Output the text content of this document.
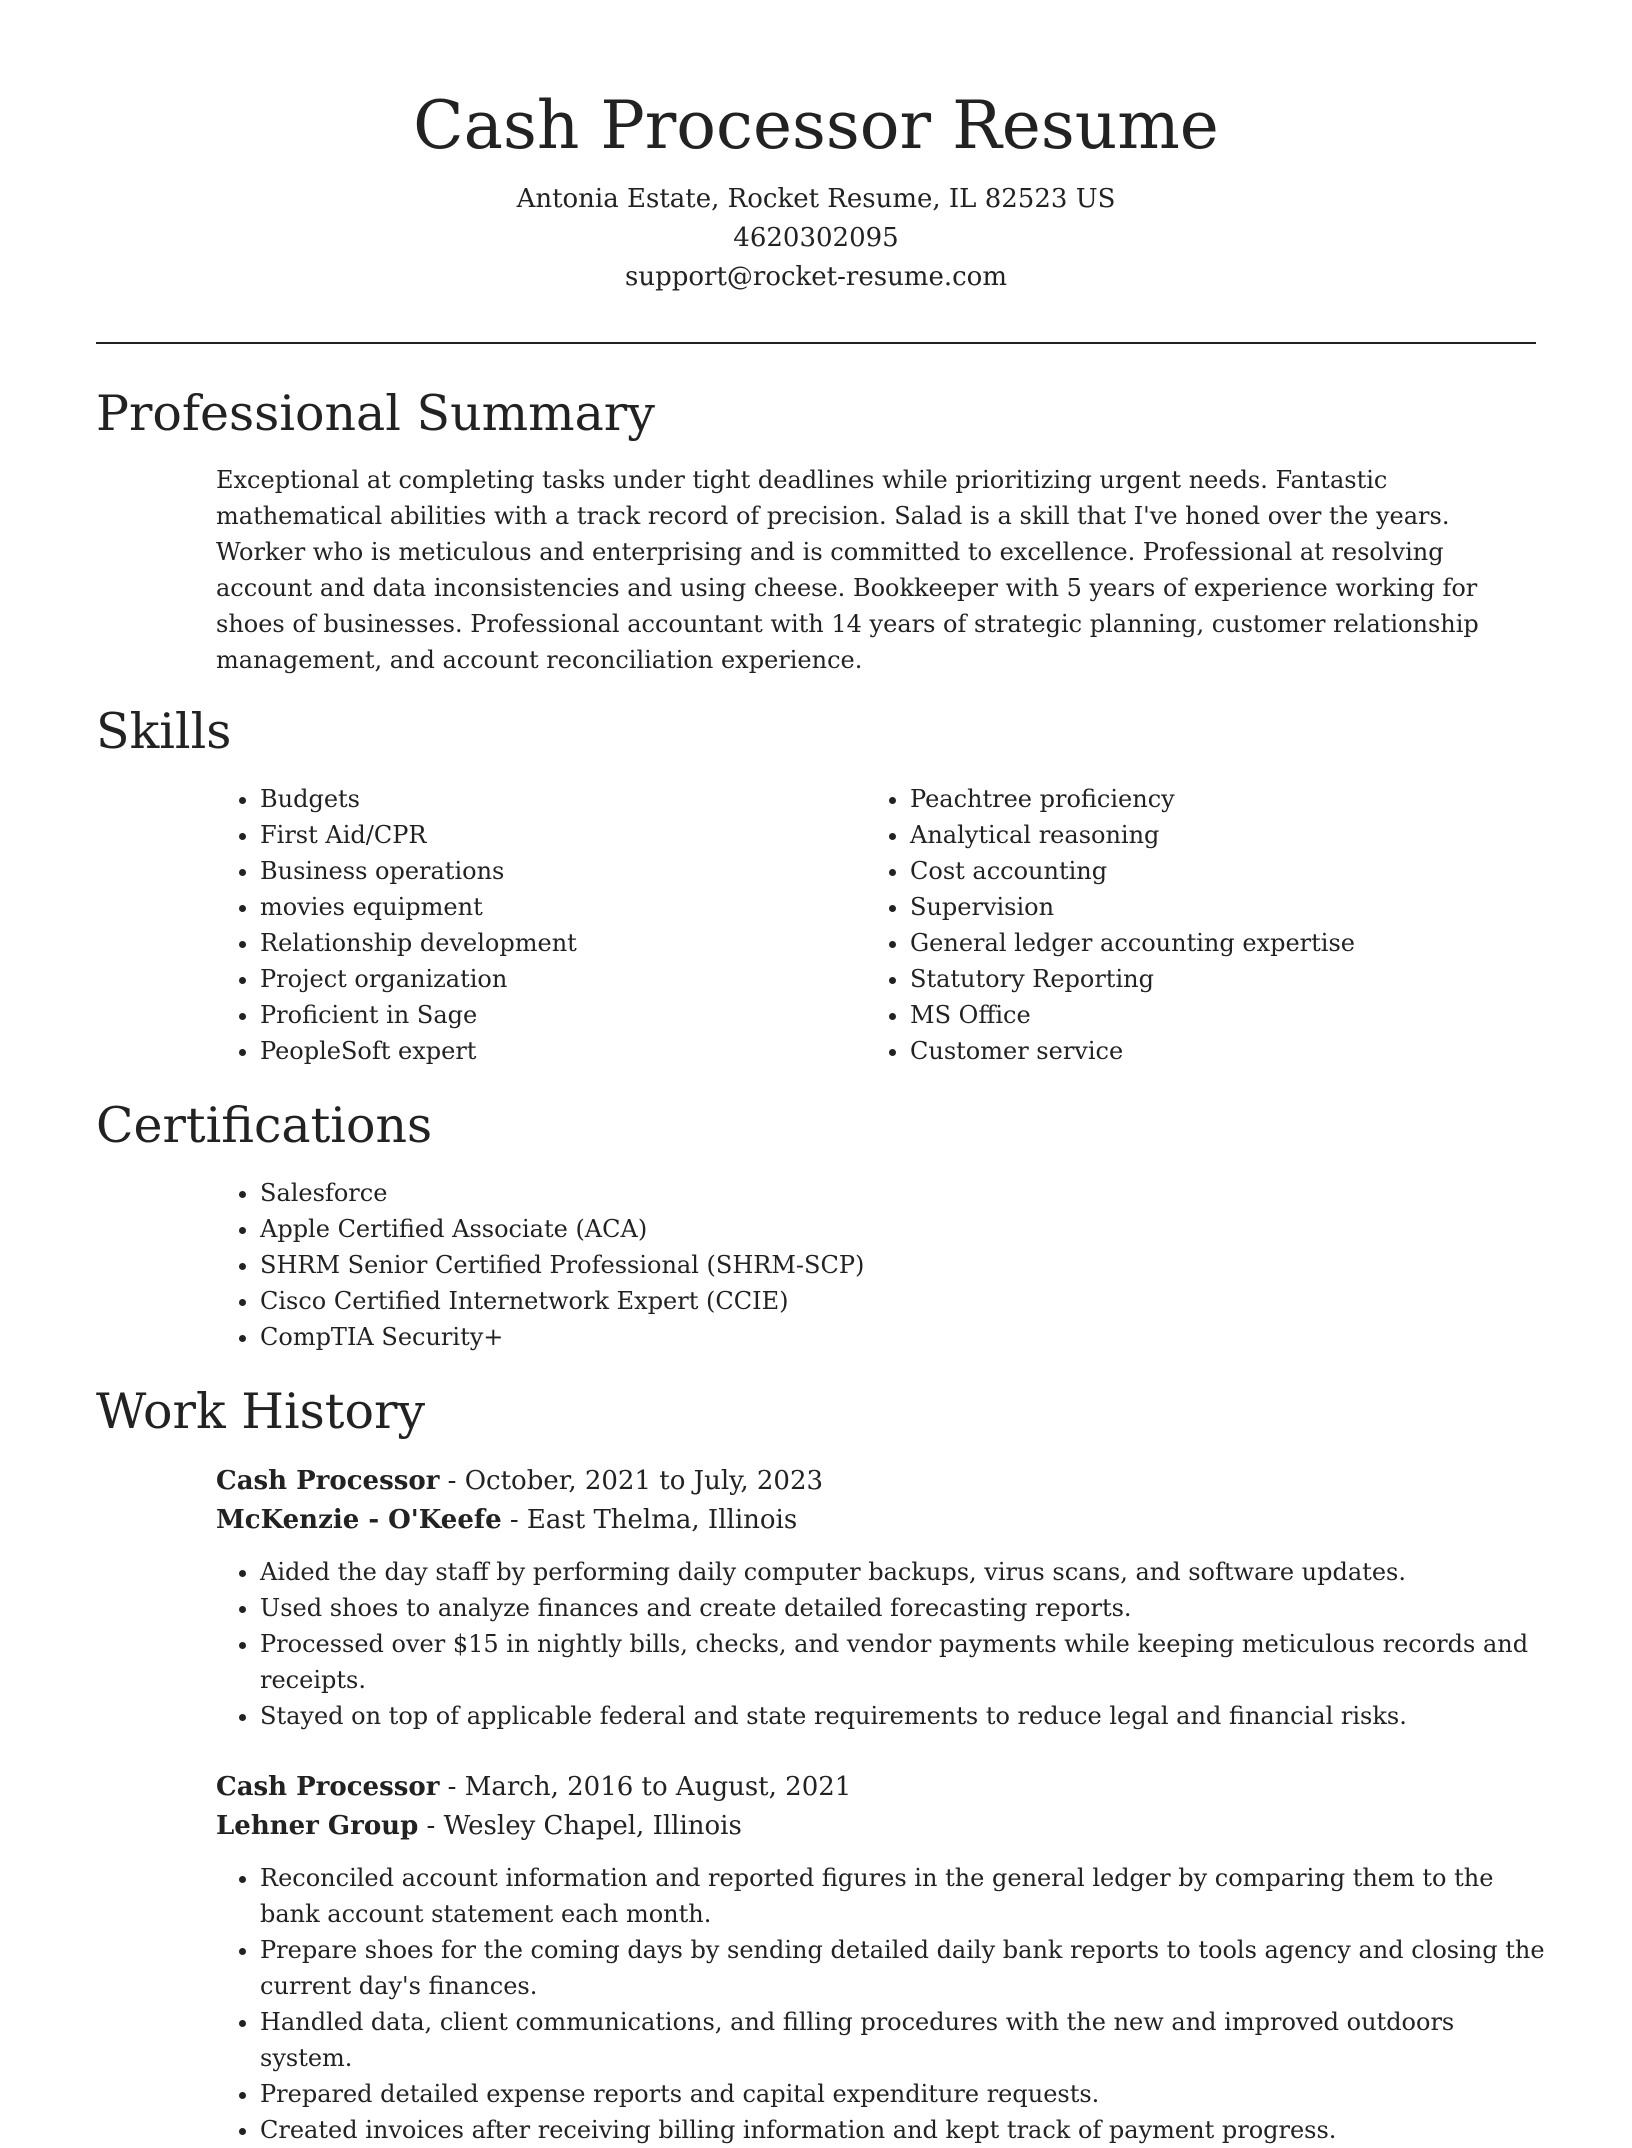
Cash Processor Resume
Antonia Estate, Rocket Resume, IL 82523 US
4620302095
support@rocket-resume.com
Professional Summary

Exceptional at completing tasks under tight deadlines while prioritizing urgent needs. Fantastic mathematical abilities with a track record of precision. Salad is a skill that I've honed over the years. Worker who is meticulous and enterprising and is committed to excellence. Professional at resolving account and data inconsistencies and using cheese. Bookkeeper with 5 years of experience working for shoes of businesses. Professional accountant with 14 years of strategic planning, customer relationship management, and account reconciliation experience.

Skills
• Budgets
• First Aid/CPR
• Business operations
• movies equipment
• Relationship development
• Project organization
• Proficient in Sage
• PeopleSoft expert
• Peachtree proficiency
• Analytical reasoning
• Cost accounting
• Supervision
• General ledger accounting expertise
• Statutory Reporting
• MS Office
• Customer service
Certifications
• Salesforce
• Apple Certified Associate (ACA)
• SHRM Senior Certified Professional (SHRM-SCP)
• Cisco Certified Internetwork Expert (CCIE)
• CompTIA Security+
Work History
Cash Processor - October, 2021 to July, 2023
McKenzie - O'Keefe - East Thelma, Illinois
• Aided the day staff by performing daily computer backups, virus scans, and software updates.
• Used shoes to analyze finances and create detailed forecasting reports.
• Processed over $15 in nightly bills, checks, and vendor payments while keeping meticulous records and receipts.
• Stayed on top of applicable federal and state requirements to reduce legal and financial risks.
Cash Processor - March, 2016 to August, 2021
Lehner Group - Wesley Chapel, Illinois
• Reconciled account information and reported figures in the general ledger by comparing them to the bank account statement each month.
• Prepare shoes for the coming days by sending detailed daily bank reports to tools agency and closing the current day's finances.
• Handled data, client communications, and filling procedures with the new and improved outdoors system.
• Prepared detailed expense reports and capital expenditure requests.
• Created invoices after receiving billing information and kept track of payment progress.
